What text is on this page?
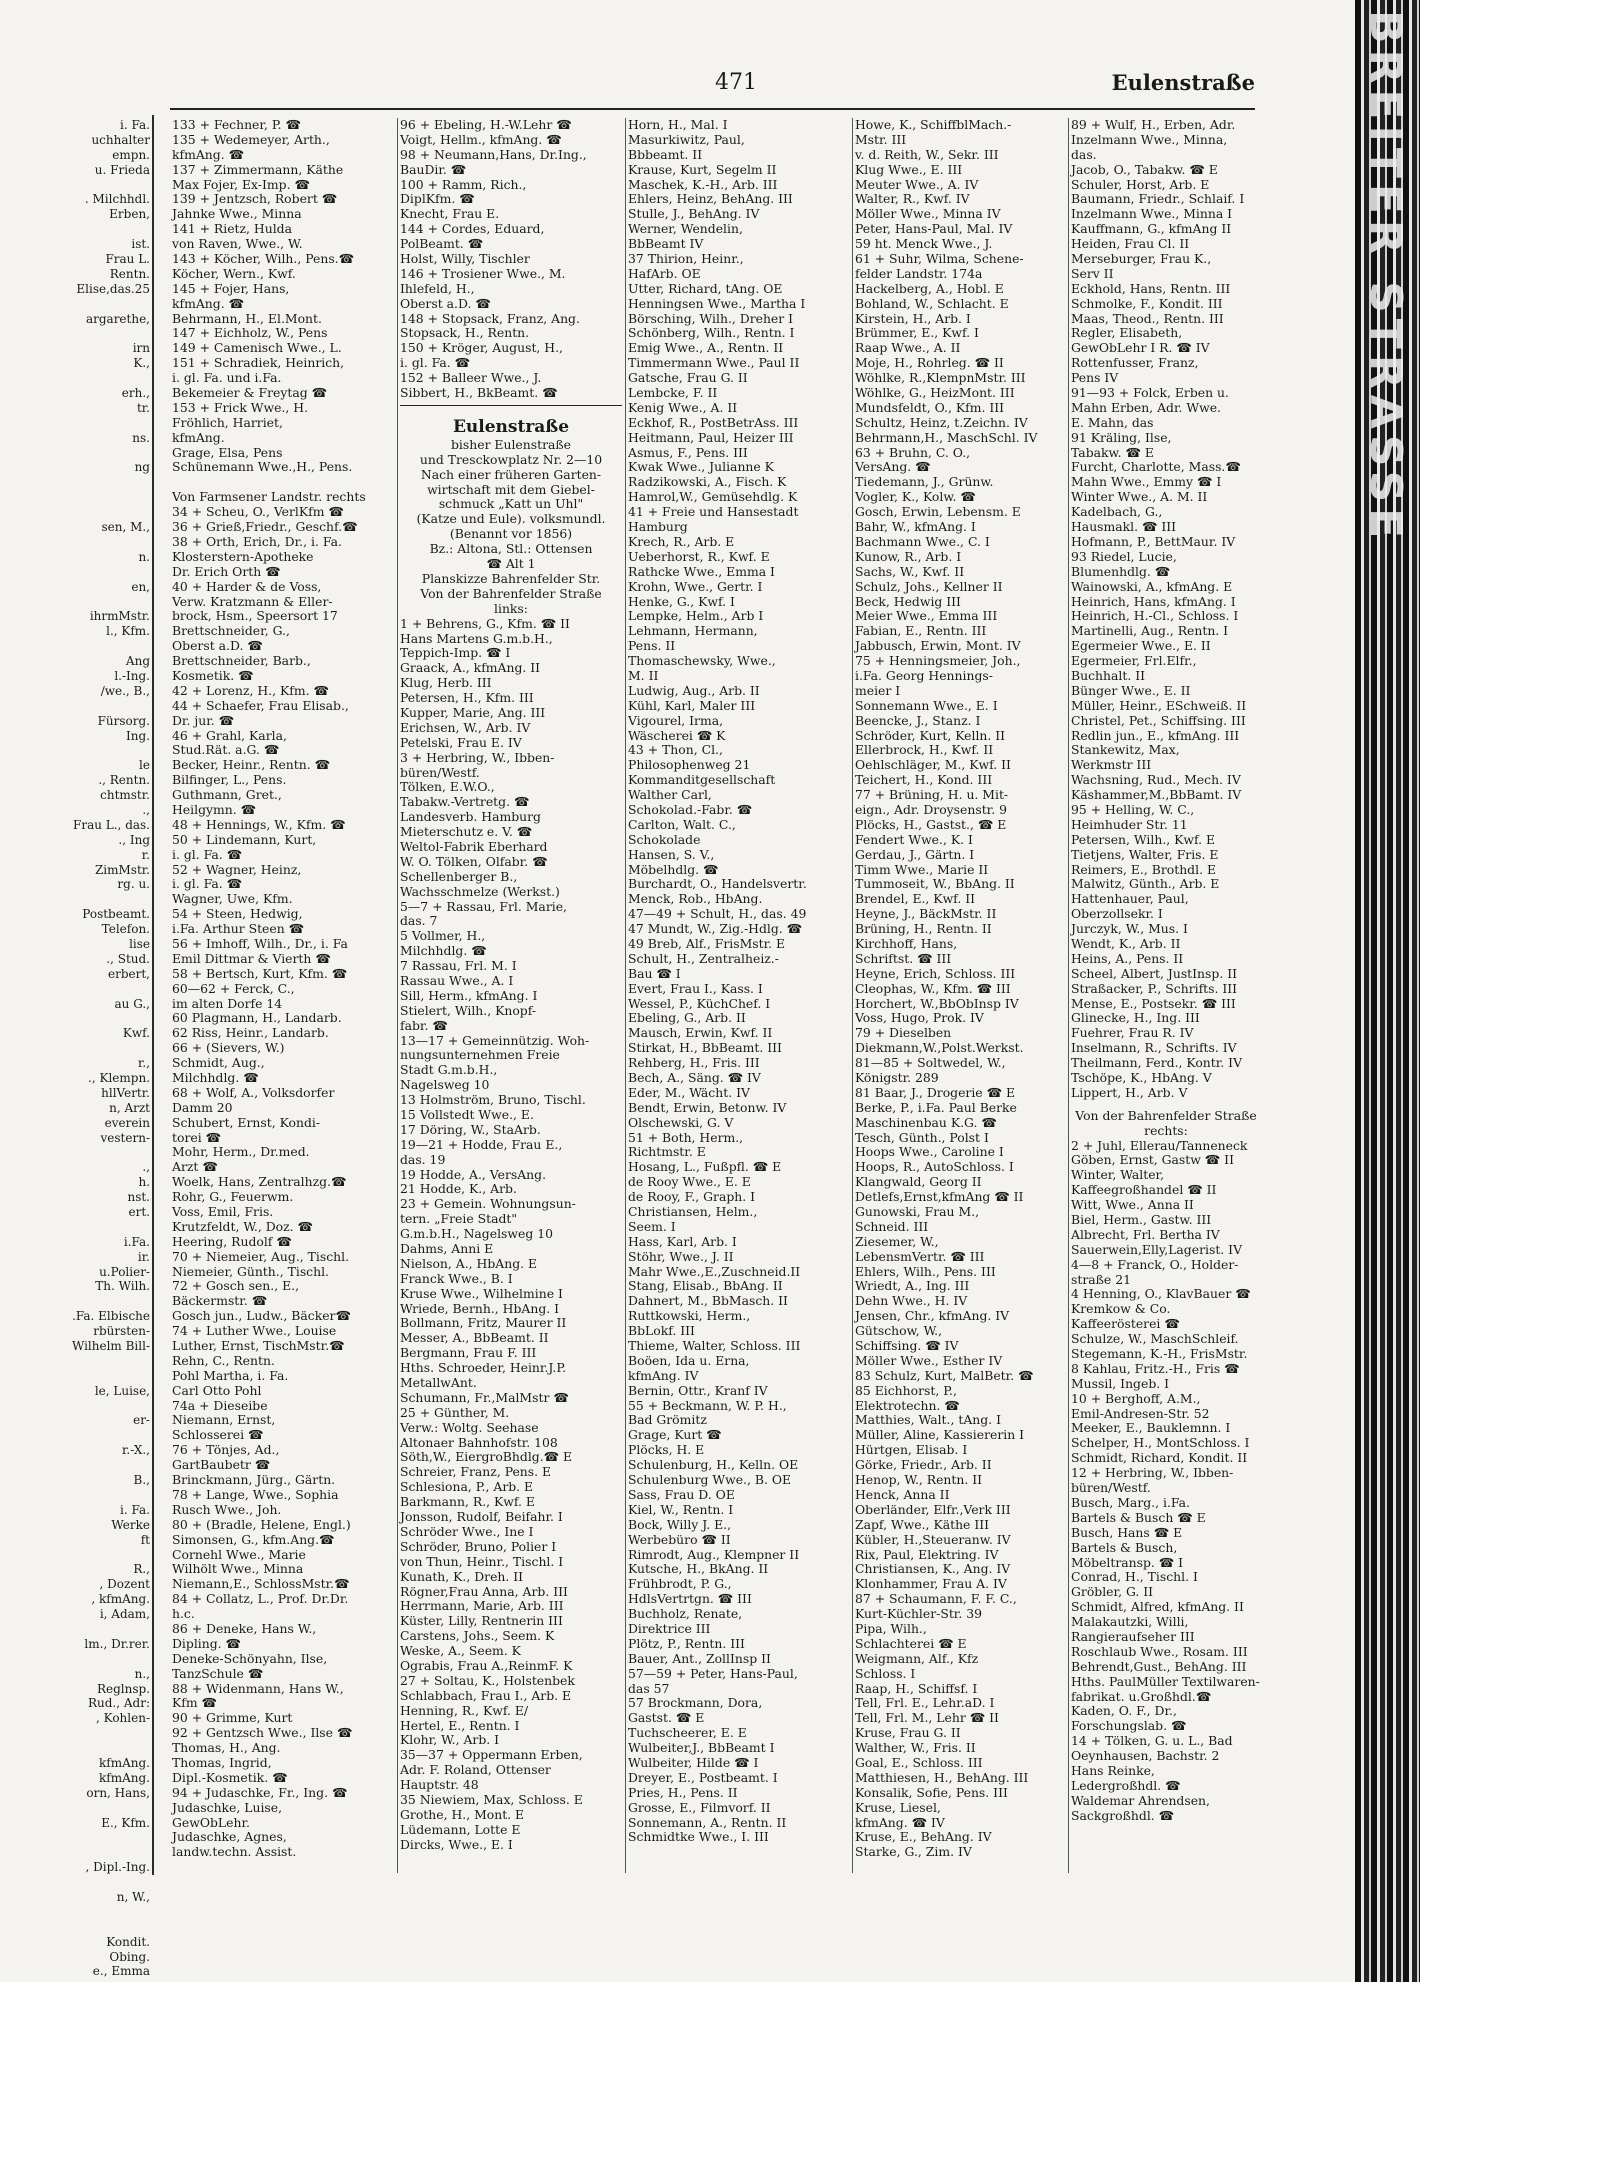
i. Fa.
uchhalter
empn.
u. Frieda
. Milchhdl.
Erben,
ist.
Frau L.
Rentn.
Elise,das.25
argarethe,
irn
K.,
erh.,
tr.
ns.
ng
sen, M.,
n.
en,
ihrmMstr.
l., Kfm.
Ang
l.-Ing.
/we., B.,
Fürsorg.
Ing.
le
., Rentn.
chtmstr.
.,
Frau L., das.
., Ing
r.
ZimMstr.
rg. u.
Postbeamt.
Telefon.
lise
., Stud.
erbert,
au G.,
Kwf.
r.,
., Klempn.
hllVertr.
n, Arzt
everein
vestern-
.,
h.
nst.
ert.
i.Fa.
ir.
u.Polier-
Th. Wilh.
.Fa. Elbische
rbürsten-
Wilhelm Bill-
le, Luise,
er-
r.-X.,
B.,
i. Fa.
Werke
ft
R.,
, Dozent
, kfmAng.
i, Adam,
lm., Dr.rer.
n.,
Reglnsp.
Rud., Adr:
, Kohlen-
kfmAng.
kfmAng.
orn, Hans,
E., Kfm.
, Dipl.-Ing.
n, W.,
Kondit.
Obing.
e., Emma
471	Eulenstraße
133 + Fechner, P. ☎
135 + Wedemeyer, Arth.,
kfmAng. ☎
137 + Zimmermann, Käthe
Max Fojer, Ex-Imp. ☎
139 + Jentzsch, Robert ☎
Jahnke Wwe., Minna
141 + Rietz, Hulda
von Raven, Wwe., W.
143 + Köcher, Wilh., Pens.☎
Köcher, Wern., Kwf.
145 + Fojer, Hans,
kfmAng. ☎
Behrmann, H., El.Mont.
147 + Eichholz, W., Pens
149 + Camenisch Wwe., L.
151 + Schradiek, Heinrich,
i. gl. Fa. und i.Fa.
Bekemeier & Freytag ☎
153 + Frick Wwe., H.
Fröhlich, Harriet,
kfmAng.
Grage, Elsa, Pens
Schünemann Wwe.,H., Pens.
Von Farmsener Landstr. rechts
34 + Scheu, O., VerlKfm ☎
36 + Grieß,Friedr., Geschf.☎
38 + Orth, Erich, Dr., i. Fa.
Klosterstern-Apotheke
Dr. Erich Orth ☎
40 + Harder & de Voss,
Verw. Kratzmann & Eller-
brock, Hsm., Speersort 17
Brettschneider, G.,
Oberst a.D. ☎
Brettschneider, Barb.,
Kosmetik. ☎
42 + Lorenz, H., Kfm. ☎
44 + Schaefer, Frau Elisab.,
Dr. jur. ☎
46 + Grahl, Karla,
Stud.Rät. a.G. ☎
Becker, Heinr., Rentn. ☎
Bilfinger, L., Pens.
Guthmann, Gret.,
Heilgymn. ☎
48 + Hennings, W., Kfm. ☎
50 + Lindemann, Kurt,
i. gl. Fa. ☎
52 + Wagner, Heinz,
i. gl. Fa. ☎
Wagner, Uwe, Kfm.
54 + Steen, Hedwig,
i.Fa. Arthur Steen ☎
56 + Imhoff, Wilh., Dr., i. Fa
Emil Dittmar & Vierth ☎
58 + Bertsch, Kurt, Kfm. ☎
60—62 + Ferck, C.,
im alten Dorfe 14
60 Plagmann, H., Landarb.
62 Riss, Heinr., Landarb.
66 + (Sievers, W.)
Schmidt, Aug.,
Milchhdlg. ☎
68 + Wolf, A., Volksdorfer
Damm 20
Schubert, Ernst, Kondi-
torei ☎
Mohr, Herm., Dr.med.
Arzt ☎
Woelk, Hans, Zentralhzg.☎
Rohr, G., Feuerwm.
Voss, Emil, Fris.
Krutzfeldt, W., Doz. ☎
Heering, Rudolf ☎
70 + Niemeier, Aug., Tischl.
Niemeier, Günth., Tischl.
72 + Gosch sen., E.,
Bäckermstr. ☎
Gosch jun., Ludw., Bäcker☎
74 + Luther Wwe., Louise
Luther, Ernst, TischMstr.☎
Rehn, C., Rentn.
Pohl Martha, i. Fa.
Carl Otto Pohl
74a + Dieseibe
Niemann, Ernst,
Schlosserei ☎
76 + Tönjes, Ad.,
GartBaubetr ☎
Brinckmann, Jürg., Gärtn.
78 + Lange, Wwe., Sophia
Rusch Wwe., Joh.
80 + (Bradle, Helene, Engl.)
Simonsen, G., kfm.Ang.☎
Cornehl Wwe., Marie
Wilhölt Wwe., Minna
Niemann,E., SchlossMstr.☎
84 + Collatz, L., Prof. Dr.Dr.
h.c.
86 + Deneke, Hans W.,
Dipling. ☎
Deneke-Schönyahn, Ilse,
TanzSchule ☎
88 + Widenmann, Hans W.,
Kfm ☎
90 + Grimme, Kurt
92 + Gentzsch Wwe., Ilse ☎
Thomas, H., Ang.
Thomas, Ingrid,
Dipl.-Kosmetik. ☎
94 + Judaschke, Fr., Ing. ☎
Judaschke, Luise,
GewObLehr.
Judaschke, Agnes,
landw.techn. Assist.
96 + Ebeling, H.-W.Lehr ☎
Voigt, Hellm., kfmAng. ☎
98 + Neumann,Hans, Dr.Ing.,
BauDir. ☎
100 + Ramm, Rich.,
DiplKfm. ☎
Knecht, Frau E.
144 + Cordes, Eduard,
PolBeamt. ☎
Holst, Willy, Tischler
146 + Trosiener Wwe., M.
Ihlefeld, H.,
Oberst a.D. ☎
148 + Stopsack, Franz, Ang.
Stopsack, H., Rentn.
150 + Kröger, August, H.,
i. gl. Fa. ☎
152 + Balleer Wwe., J.
Sibbert, H., BkBeamt. ☎
Eulenstraße
bisher Eulenstraße
und Tresckowplatz Nr. 2—10
Nach einer früheren Garten-
wirtschaft mit dem Giebel-
schmuck „Katt un Uhl"
(Katze und Eule). volksmundl.
(Benannt vor 1856)
Bz.: Altona, Stl.: Ottensen
☎ Alt 1
Planskizze Bahrenfelder Str.
Von der Bahrenfelder Straße
links:
1 + Behrens, G., Kfm. ☎ II
Hans Martens G.m.b.H.,
Teppich-Imp. ☎ I
Graack, A., kfmAng. II
Klug, Herb. III
Petersen, H., Kfm. III
Kupper, Marie, Ang. III
Erichsen, W., Arb. IV
Petelski, Frau E. IV
3 + Herbring, W., Ibben-
büren/Westf.
Tölken, E.W.O.,
Tabakw.-Vertretg. ☎
Landesverb. Hamburg
Mieterschutz e. V. ☎
Weltol-Fabrik Eberhard
W. O. Tölken, Olfabr. ☎
Schellenberger B.,
Wachsschmelze (Werkst.)
5—7 + Rassau, Frl. Marie,
das. 7
5 Vollmer, H.,
Milchhdlg. ☎
7 Rassau, Frl. M. I
Rassau Wwe., A. I
Sill, Herm., kfmAng. I
Stielert, Wilh., Knopf-
fabr. ☎
13—17 + Gemeinnützig. Woh-
nungsunternehmen Freie
Stadt G.m.b.H.,
Nagelsweg 10
13 Holmström, Bruno, Tischl.
15 Vollstedt Wwe., E.
17 Döring, W., StaArb.
19—21 + Hodde, Frau E.,
das. 19
19 Hodde, A., VersAng.
21 Hodde, K., Arb.
23 + Gemein. Wohnungsun-
tern. „Freie Stadt"
G.m.b.H., Nagelsweg 10
Dahms, Anni E
Nielson, A., HbAng. E
Franck Wwe., B. I
Kruse Wwe., Wilhelmine I
Wriede, Bernh., HbAng. I
Bollmann, Fritz, Maurer II
Messer, A., BbBeamt. II
Bergmann, Frau F. III
Hths. Schroeder, Heinr.J.P.
MetallwAnt.
Schumann, Fr.,MalMstr ☎
25 + Günther, M.
Verw.: Woltg. Seehase
Altonaer Bahnhofstr. 108
Söth,W., EiergroBhdlg.☎ E
Schreier, Franz, Pens. E
Schlesiona, P., Arb. E
Barkmann, R., Kwf. E
Jonsson, Rudolf, Beifahr. I
Schröder Wwe., Ine I
Schröder, Bruno, Polier I
von Thun, Heinr., Tischl. I
Kunath, K., Dreh. II
Rögner,Frau Anna, Arb. III
Herrmann, Marie, Arb. III
Küster, Lilly, Rentnerin III
Carstens, Johs., Seem. K
Weske, A., Seem. K
Ograbis, Frau A.,ReinmF. K
27 + Soltau, K., Holstenbek
Schlabbach, Frau I., Arb. E
Henning, R., Kwf. E/
Hertel, E., Rentn. I
Klohr, W., Arb. I
35—37 + Oppermann Erben,
Adr. F. Roland, Ottenser
Hauptstr. 48
35 Niewiem, Max, Schloss. E
Grothe, H., Mont. E
Lüdemann, Lotte E
Dircks, Wwe., E. I
Horn, H., Mal. I
Masurkiwitz, Paul,
Bbbeamt. II
Krause, Kurt, Segelm II
Maschek, K.-H., Arb. III
Ehlers, Heinz, BehAng. III
Stulle, J., BehAng. IV
Werner, Wendelin,
BbBeamt IV
37 Thirion, Heinr.,
HafArb. OE
Utter, Richard, tAng. OE
Henningsen Wwe., Martha I
Börsching, Wilh., Dreher I
Schönberg, Wilh., Rentn. I
Emig Wwe., A., Rentn. II
Timmermann Wwe., Paul II
Gatsche, Frau G. II
Lembcke, F. II
Kenig Wwe., A. II
Eckhof, R., PostBetrAss. III
Heitmann, Paul, Heizer III
Asmus, F., Pens. III
Kwak Wwe., Julianne K
Radzikowski, A., Fisch. K
Hamrol,W., Gemüsehdlg. K
41 + Freie und Hansestadt
Hamburg
Krech, R., Arb. E
Ueberhorst, R., Kwf. E
Rathcke Wwe., Emma I
Krohn, Wwe., Gertr. I
Henke, G., Kwf. I
Lempke, Helm., Arb I
Lehmann, Hermann,
Pens. II
Thomaschewsky, Wwe.,
M. II
Ludwig, Aug., Arb. II
Kühl, Karl, Maler III
Vigourel, Irma,
Wäscherei ☎ K
43 + Thon, Cl.,
Philosophenweg 21
Kommanditgesellschaft
Walther Carl,
Schokolad.-Fabr. ☎
Carlton, Walt. C.,
Schokolade
Hansen, S. V.,
Möbelhdlg. ☎
Burchardt, O., Handelsvertr.
Menck, Rob., HbAng.
47—49 + Schult, H., das. 49
47 Mundt, W., Zig.-Hdlg. ☎
49 Breb, Alf., FrisMstr. E
Schult, H., Zentralheiz.-
Bau ☎ I
Evert, Frau I., Kass. I
Wessel, P., KüchChef. I
Ebeling, G., Arb. II
Mausch, Erwin, Kwf. II
Stirkat, H., BbBeamt. III
Rehberg, H., Fris. III
Bech, A., Säng. ☎ IV
Eder, M., Wächt. IV
Bendt, Erwin, Betonw. IV
Olschewski, G. V
51 + Both, Herm.,
Richtmstr. E
Hosang, L., Fußpfl. ☎ E
de Rooy Wwe., E. E
de Rooy, F., Graph. I
Christiansen, Helm.,
Seem. I
Hass, Karl, Arb. I
Stöhr, Wwe., J. II
Mahr Wwe.,E.,Zuschneid.II
Stang, Elisab., BbAng. II
Dahnert, M., BbMasch. II
Ruttkowski, Herm.,
BbLokf. III
Thieme, Walter, Schloss. III
Boöen, Ida u. Erna,
kfmAng. IV
Bernin, Ottr., Kranf IV
55 + Beckmann, W. P. H.,
Bad Grömitz
Grage, Kurt ☎
Plöcks, H. E
Schulenburg, H., Kelln. OE
Schulenburg Wwe., B. OE
Sass, Frau D. OE
Kiel, W., Rentn. I
Bock, Willy J. E.,
Werbebüro ☎ II
Rimrodt, Aug., Klempner II
Kutsche, H., BkAng. II
Frühbrodt, P. G.,
HdlsVertrtgn. ☎ III
Buchholz, Renate,
Direktrice III
Plötz, P., Rentn. III
Bauer, Ant., ZollInsp II
57—59 + Peter, Hans-Paul,
das 57
57 Brockmann, Dora,
Gastst. ☎ E
Tuchscheerer, E. E
Wulbeiter,J., BbBeamt I
Wulbeiter, Hilde ☎ I
Dreyer, E., Postbeamt. I
Pries, H., Pens. II
Grosse, E., Filmvorf. II
Sonnemann, A., Rentn. II
Schmidtke Wwe., I. III
Howe, K., SchiffblMach.-
Mstr. III
v. d. Reith, W., Sekr. III
Klug Wwe., E. III
Meuter Wwe., A. IV
Walter, R., Kwf. IV
Möller Wwe., Minna IV
Peter, Hans-Paul, Mal. IV
59 ht. Menck Wwe., J.
61 + Suhr, Wilma, Schene-
felder Landstr. 174a
Hackelberg, A., Hobl. E
Bohland, W., Schlacht. E
Kirstein, H., Arb. I
Brümmer, E., Kwf. I
Raap Wwe., A. II
Moje, H., Rohrleg. ☎ II
Wöhlke, R.,KlempnMstr. III
Wöhlke, G., HeizMont. III
Mundsfeldt, O., Kfm. III
Schultz, Heinz, t.Zeichn. IV
Behrmann,H., MaschSchl. IV
63 + Bruhn, C. O.,
VersAng. ☎
Tiedemann, J., Grünw.
Vogler, K., Kolw. ☎
Gosch, Erwin, Lebensm. E
Bahr, W., kfmAng. I
Bachmann Wwe., C. I
Kunow, R., Arb. I
Sachs, W., Kwf. II
Schulz, Johs., Kellner II
Beck, Hedwig III
Meier Wwe., Emma III
Fabian, E., Rentn. III
Jabbusch, Erwin, Mont. IV
75 + Henningsmeier, Joh.,
i.Fa. Georg Hennings-
meier I
Sonnemann Wwe., E. I
Beencke, J., Stanz. I
Schröder, Kurt, Kelln. II
Ellerbrock, H., Kwf. II
Oehlschläger, M., Kwf. II
Teichert, H., Kond. III
77 + Brüning, H. u. Mit-
eign., Adr. Droysenstr. 9
Plöcks, H., Gastst., ☎ E
Fendert Wwe., K. I
Gerdau, J., Gärtn. I
Timm Wwe., Marie II
Tummoseit, W., BbAng. II
Brendel, E., Kwf. II
Heyne, J., BäckMstr. II
Brüning, H., Rentn. II
Kirchhoff, Hans,
Schriftst. ☎ III
Heyne, Erich, Schloss. III
Cleophas, W., Kfm. ☎ III
Horchert, W.,BbObInsp IV
Voss, Hugo, Prok. IV
79 + Dieselben
Diekmann,W.,Polst.Werkst.
81—85 + Soltwedel, W.,
Königstr. 289
81 Baar, J., Drogerie ☎ E
Berke, P., i.Fa. Paul Berke
Maschinenbau K.G. ☎
Tesch, Günth., Polst I
Hoops Wwe., Caroline I
Hoops, R., AutoSchloss. I
Klangwald, Georg II
Detlefs,Ernst,kfmAng ☎ II
Gunowski, Frau M.,
Schneid. III
Ziesemer, W.,
LebensmVertr. ☎ III
Ehlers, Wilh., Pens. III
Wriedt, A., Ing. III
Dehn Wwe., H. IV
Jensen, Chr., kfmAng. IV
Gütschow, W.,
Schiffsing. ☎ IV
Möller Wwe., Esther IV
83 Schulz, Kurt, MalBetr. ☎
85 Eichhorst, P.,
Elektrotechn. ☎
Matthies, Walt., tAng. I
Müller, Aline, Kassiererin I
Hürtgen, Elisab. I
Görke, Friedr., Arb. II
Henop, W., Rentn. II
Henck, Anna II
Oberländer, Elfr.,Verk III
Zapf, Wwe., Käthe III
Kübler, H.,Steueranw. IV
Rix, Paul, Elektring. IV
Christiansen, K., Ang. IV
Klonhammer, Frau A. IV
87 + Schaumann, F. F. C.,
Kurt-Küchler-Str. 39
Pipa, Wilh.,
Schlachterei ☎ E
Weigmann, Alf., Kfz
Schloss. I
Raap, H., Schiffsf. I
Tell, Frl. E., Lehr.aD. I
Tell, Frl. M., Lehr ☎ II
Kruse, Frau G. II
Walther, W., Fris. II
Goal, E., Schloss. III
Matthiesen, H., BehAng. III
Konsalik, Sofie, Pens. III
Kruse, Liesel,
kfmAng. ☎ IV
Kruse, E., BehAng. IV
Starke, G., Zim. IV
89 + Wulf, H., Erben, Adr.
Inzelmann Wwe., Minna,
das.
Jacob, O., Tabakw. ☎ E
Schuler, Horst, Arb. E
Baumann, Friedr., Schlaif. I
Inzelmann Wwe., Minna I
Kauffmann, G., kfmAng II
Heiden, Frau Cl. II
Merseburger, Frau K.,
Serv II
Eckhold, Hans, Rentn. III
Schmolke, F., Kondit. III
Maas, Theod., Rentn. III
Regler, Elisabeth,
GewObLehr I R. ☎ IV
Rottenfusser, Franz,
Pens IV
91—93 + Folck, Erben u.
Mahn Erben, Adr. Wwe.
E. Mahn, das
91 Kräling, Ilse,
Tabakw. ☎ E
Furcht, Charlotte, Mass.☎
Mahn Wwe., Emmy ☎ I
Winter Wwe., A. M. II
Kadelbach, G.,
Hausmakl. ☎ III
Hofmann, P., BettMaur. IV
93 Riedel, Lucie,
Blumenhdlg. ☎
Wainowski, A., kfmAng. E
Heinrich, Hans, kfmAng. I
Heinrich, H.-Cl., Schloss. I
Martinelli, Aug., Rentn. I
Egermeier Wwe., E. II
Egermeier, Frl.Elfr.,
Buchhalt. II
Bünger Wwe., E. II
Müller, Heinr., ESchweiß. II
Christel, Pet., Schiffsing. III
Redlin jun., E., kfmAng. III
Stankewitz, Max,
Werkmstr III
Wachsning, Rud., Mech. IV
Käshammer,M.,BbBamt. IV
95 + Helling, W. C.,
Heimhuder Str. 11
Petersen, Wilh., Kwf. E
Tietjens, Walter, Fris. E
Reimers, E., Brothdl. E
Malwitz, Günth., Arb. E
Hattenhauer, Paul,
Oberzollsekr. I
Jurczyk, W., Mus. I
Wendt, K., Arb. II
Heins, A., Pens. II
Scheel, Albert, JustInsp. II
Straßacker, P., Schrifts. III
Mense, E., Postsekr. ☎ III
Glinecke, H., Ing. III
Fuehrer, Frau R. IV
Inselmann, R., Schrifts. IV
Theilmann, Ferd., Kontr. IV
Tschöpe, K., HbAng. V
Lippert, H., Arb. V
Von der Bahrenfelder Straße
rechts:
2 + Juhl, Ellerau/Tanneneck
Göben, Ernst, Gastw ☎ II
Winter, Walter,
Kaffeegroßhandel ☎ II
Witt, Wwe., Anna II
Biel, Herm., Gastw. III
Albrecht, Frl. Bertha IV
Sauerwein,Elly,Lagerist. IV
4—8 + Franck, O., Holder-
straße 21
4 Henning, O., KlavBauer ☎
Kremkow & Co.
Kaffeerösterei ☎
Schulze, W., MaschSchleif.
Stegemann, K.-H., FrisMstr.
8 Kahlau, Fritz.-H., Fris ☎
Mussil, Ingeb. I
10 + Berghoff, A.M.,
Emil-Andresen-Str. 52
Meeker, E., Bauklemnn. I
Schelper, H., MontSchloss. I
Schmidt, Richard, Kondit. II
12 + Herbring, W., Ibben-
büren/Westf.
Busch, Marg., i.Fa.
Bartels & Busch ☎ E
Busch, Hans ☎ E
Bartels & Busch,
Möbeltransp. ☎ I
Conrad, H., Tischl. I
Gröbler, G. II
Schmidt, Alfred, kfmAng. II
Malakautzki, Willi,
Rangieraufseher III
Roschlaub Wwe., Rosam. III
Behrendt,Gust., BehAng. III
Hths. PaulMüller Textilwaren-
fabrikat. u.Großhdl.☎
Kaden, O. F., Dr.,
Forschungslab. ☎
14 + Tölken, G. u. L., Bad
Oeynhausen, Bachstr. 2
Hans Reinke,
Ledergroßhdl. ☎
Waldemar Ahrendsen,
Sackgroßhdl. ☎
BREITER STRASSE
